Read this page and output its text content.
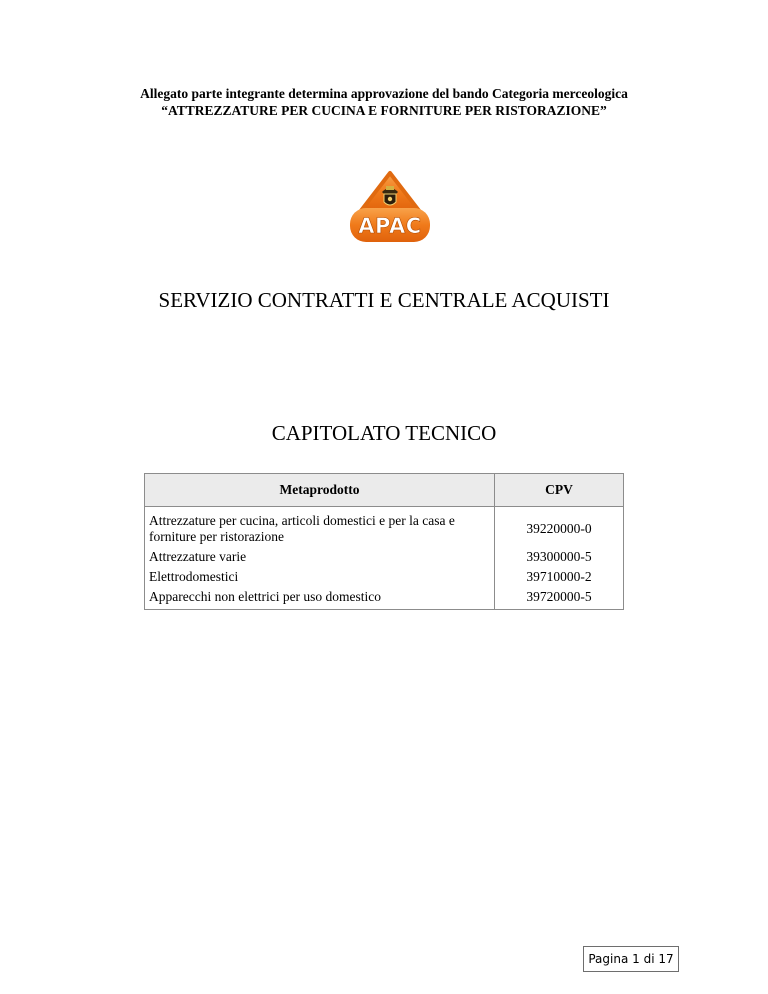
Allegato parte integrante determina approvazione del bando Categoria merceologica
“ATTREZZATURE PER CUCINA E FORNITURE PER RISTORAZIONE”
APAC
SERVIZIO CONTRATTI E CENTRALE ACQUISTI
CAPITOLATO TECNICO
Metaprodotto	CPV
Attrezzature per cucina, articoli domestici e per la casa e forniture per ristorazione	39220000-0
Attrezzature varie	39300000-5
Elettrodomestici	39710000-2
Apparecchi non elettrici per uso domestico	39720000-5
Pagina 1 di 17
